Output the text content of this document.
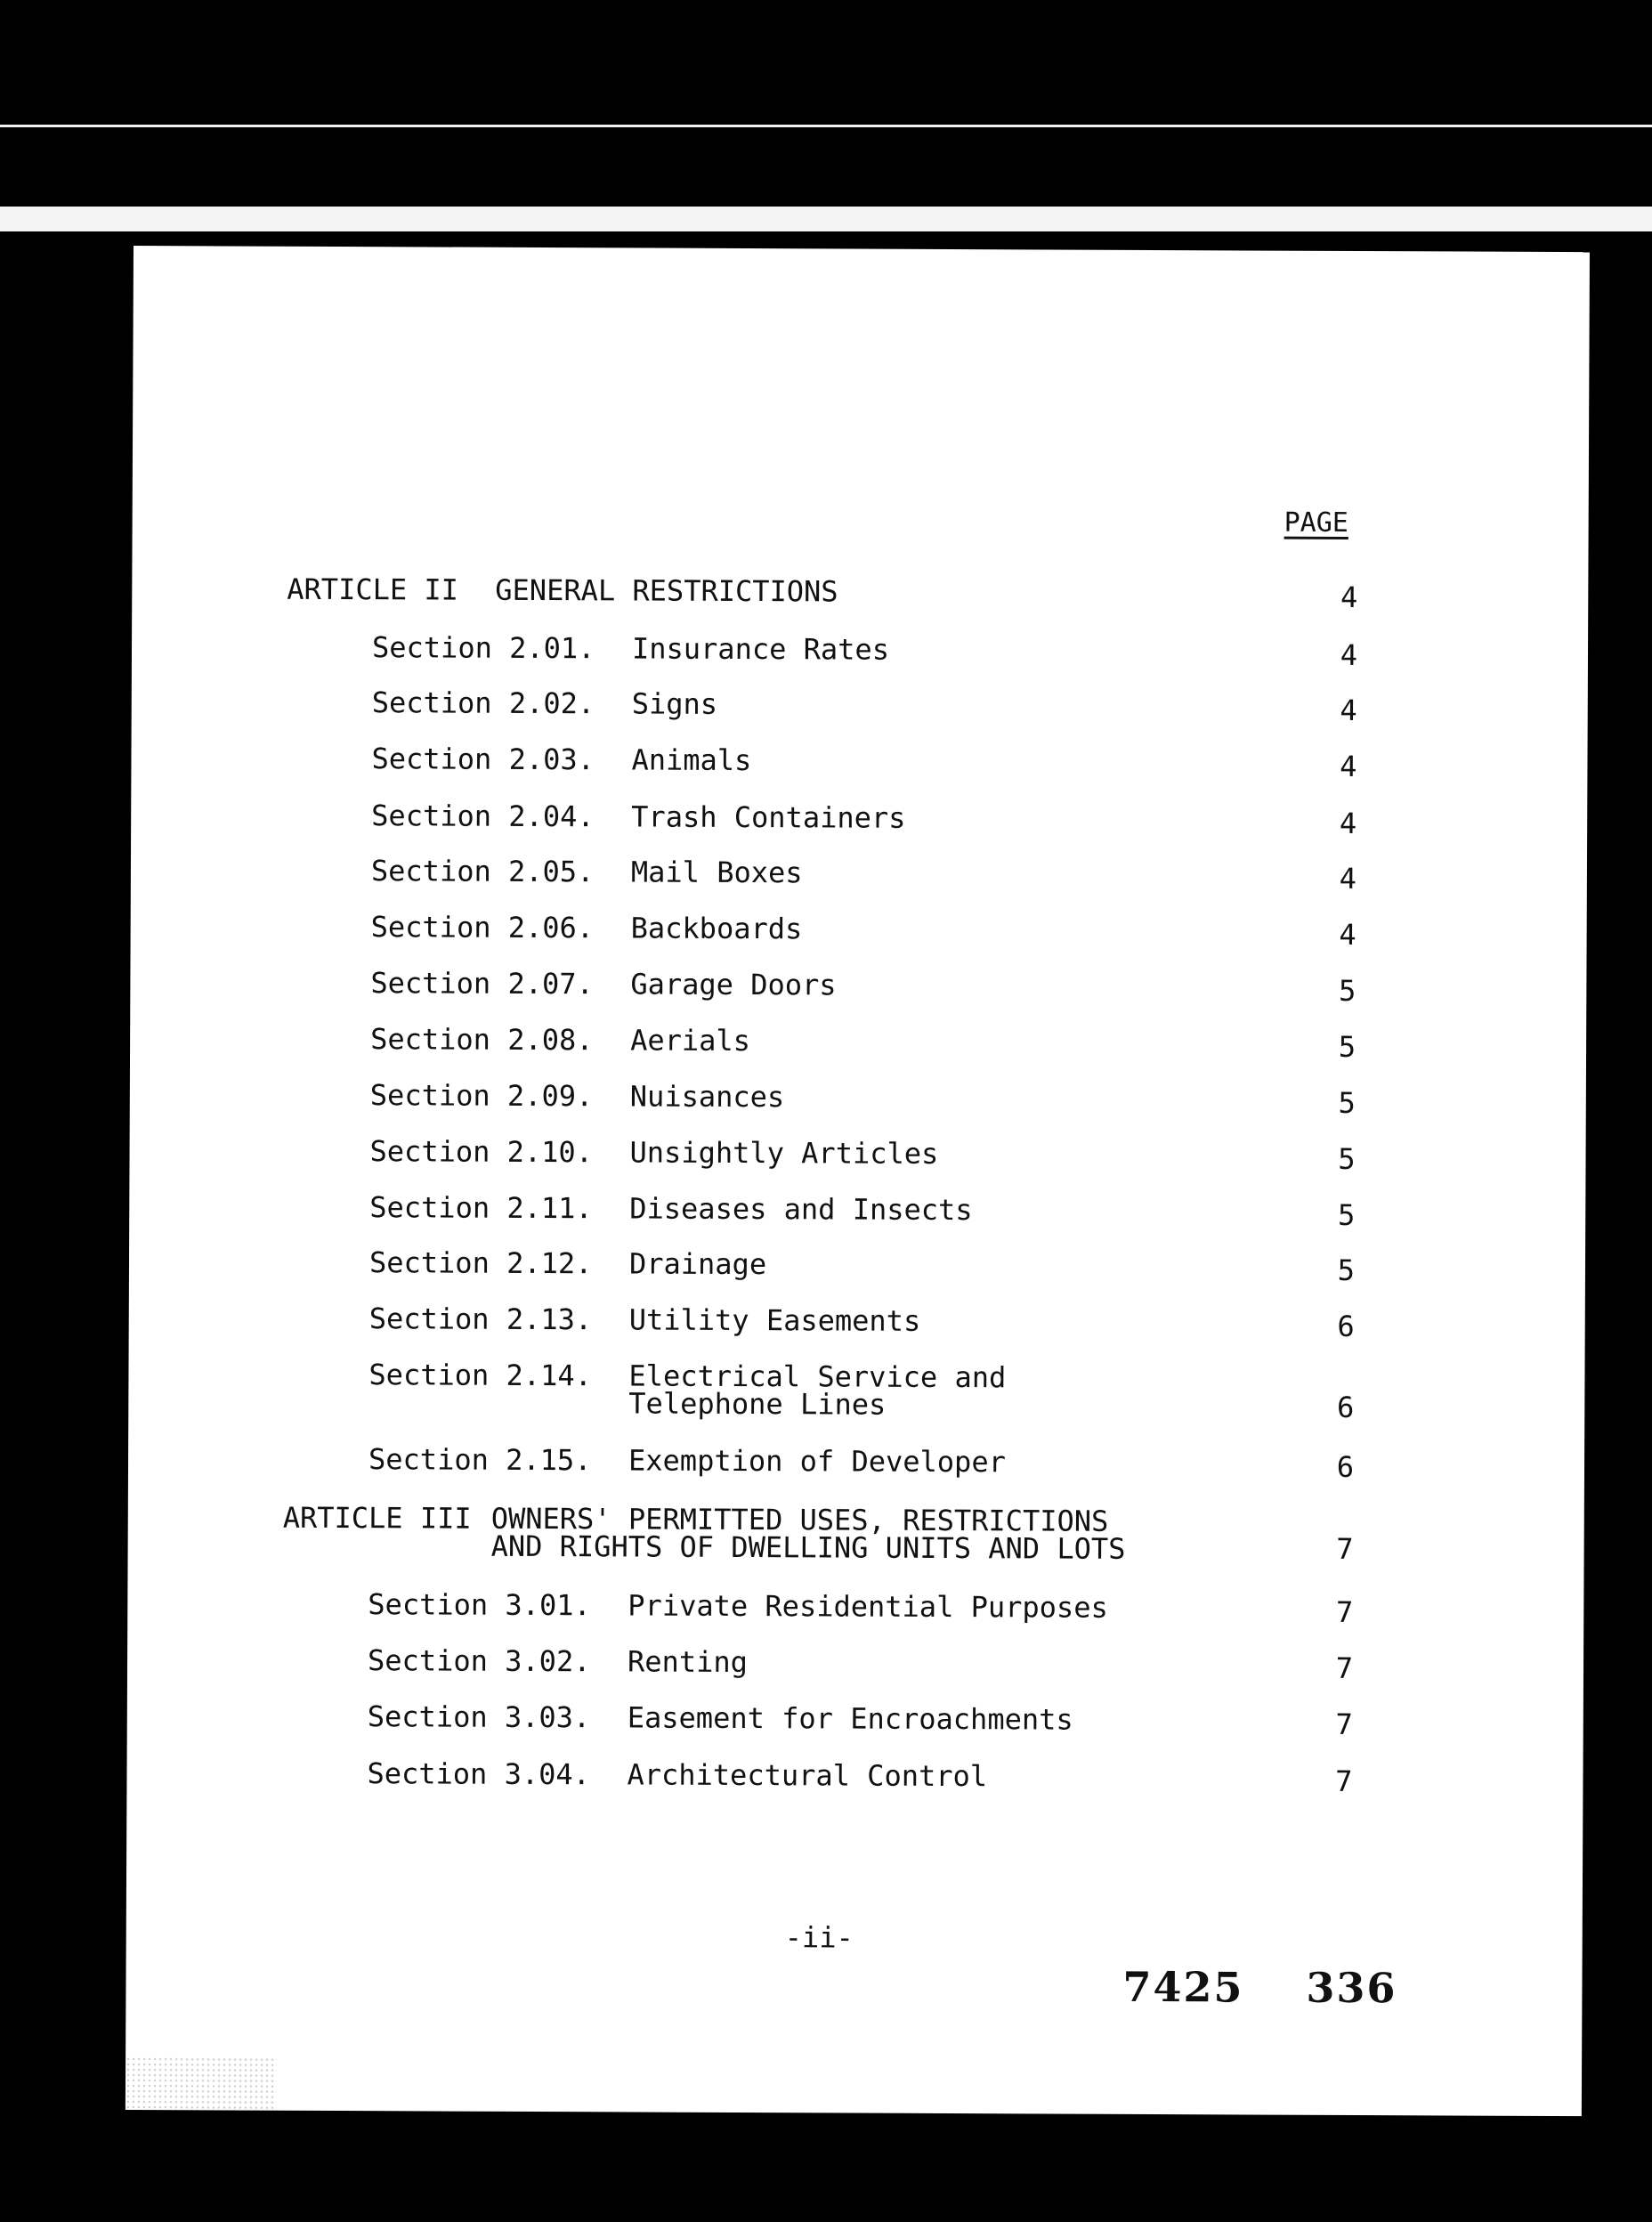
PAGE
ARTICLE II GENERAL RESTRICTIONS	4
Section 2.01. Insurance Rates	4
Section 2.02. Signs	4
Section 2.03. Animals	4
Section 2.04. Trash Containers	4
Section 2.05. Mail Boxes	4
Section 2.06. Backboards	4
Section 2.07. Garage Doors	5
Section 2.08. Aerials	5
Section 2.09. Nuisances	5
Section 2.10. Unsightly Articles	5
Section 2.11. Diseases and Insects	5
Section 2.12. Drainage	5
Section 2.13. Utility Easements	6
Section 2.14. Electrical Service and
Telephone Lines	6
Section 2.15. Exemption of Developer	6
ARTICLE III OWNERS' PERMITTED USES, RESTRICTIONS
AND RIGHTS OF DWELLING UNITS AND LOTS	7
Section 3.01. Private Residential Purposes	7
Section 3.02. Renting	7
Section 3.03. Easement for Encroachments	7
Section 3.04. Architectural Control	7
-ii-
7425 336
